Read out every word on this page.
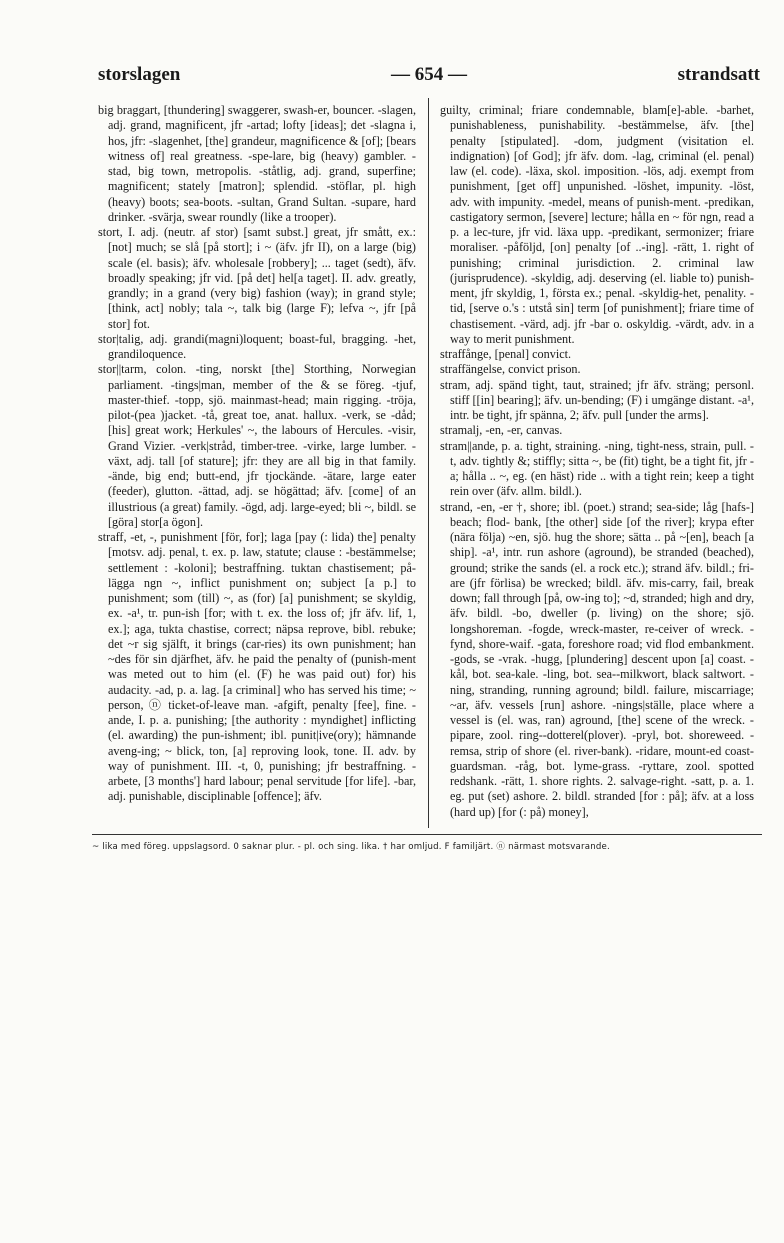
storslagen	— 654 —	strandsatt

big braggart, [thundering] swaggerer, swash-er, bouncer. -slagen, adj. grand, magnificent, jfr -artad; lofty [ideas]; det -slagna i, hos, jfr: -slagenhet, [the] grandeur, magnificence & [of]; [bears witness of] real greatness. -spe-lare, big (heavy) gambler. -stad, big town, metropolis. -ståtlig, adj. grand, superfine; magnificent; stately [matron]; splendid. -stöflar, pl. high (heavy) boots; sea-boots. -sultan, Grand Sultan. -supare, hard drinker. -svärja, swear roundly (like a trooper).

stort, I. adj. (neutr. af stor) [samt subst.] great, jfr smått, ex.: [not] much; se slå [på stort]; i ~ (äfv. jfr II), on a large (big) scale (el. basis); äfv. wholesale [robbery]; ... taget (sedt), äfv. broadly speaking; jfr vid. [på det] hel[a taget]. II. adv. greatly, grandly; in a grand (very big) fashion (way); in grand style; [think, act] nobly; tala ~, talk big (large F); lefva ~, jfr [på stor] fot.

stor|talig, adj. grandi(magni)loquent; boast-ful, bragging. -het, grandiloquence.

stor||tarm, colon. -ting, norskt [the] Storthing, Norwegian parliament. -tings|man, member of the & se föreg. -tjuf, master-thief. -topp, sjö. mainmast-head; main rigging. -tröja, pilot-(pea )jacket. -tå, great toe, anat. hallux. -verk, se -dåd; [his] great work; Herkules' ~, the labours of Hercules. -visir, Grand Vizier. -verk|stråd, timber-tree. -virke, large lumber. -växt, adj. tall [of stature]; jfr: they are all big in that family. -ände, big end; butt-end, jfr tjockände. -ätare, large eater (feeder), glutton. -ättad, adj. se högättad; äfv. [come] of an illustrious (a great) family. -ögd, adj. large-eyed; bli ~, bildl. se [göra] stor[a ögon].

straff, -et, -, punishment [för, for]; laga [pay (: lida) the] penalty [motsv. adj. penal, t. ex. p. law, statute; clause : -bestämmelse; settlement : -koloni]; bestraffning. tuktan chastisement; på-lägga ngn ~, inflict punishment on; subject [a p.] to punishment; som (till) ~, as (for) [a] punishment; se skyldig, ex. -a¹, tr. pun-ish [for; with t. ex. the loss of; jfr äfv. lif, 1, ex.]; aga, tukta chastise, correct; näpsa reprove, bibl. rebuke; det ~r sig själft, it brings (car-ries) its own punishment; han ~des för sin djärfhet, äfv. he paid the penalty of (punish-ment was meted out to him (el. (F) he was paid out) for) his audacity. -ad, p. a. lag. [a criminal] who has served his time; ~ person, ⓝ ticket-of-leave man. -afgift, penalty [fee], fine. -ande, I. p. a. punishing; [the authority : myndighet] inflicting (el. awarding) the pun-ishment; ibl. punit|ive(ory); hämnande aveng-ing; ~ blick, ton, [a] reproving look, tone. II. adv. by way of punishment. III. -t, 0, punishing; jfr bestraffning. -arbete, [3 months'] hard labour; penal servitude [for life]. -bar, adj. punishable, disciplinable [offence]; äfv.

guilty, criminal; friare condemnable, blam[e]-able. -barhet, punishableness, punishability. -bestämmelse, äfv. [the] penalty [stipulated]. -dom, judgment (visitation el. indignation) [of God]; jfr äfv. dom. -lag, criminal (el. penal) law (el. code). -läxa, skol. imposition. -lös, adj. exempt from punishment, [get off] unpunished. -löshet, impunity. -löst, adv. with impunity. -medel, means of punish-ment. -predikan, castigatory sermon, [severe] lecture; hålla en ~ för ngn, read a p. a lec-ture, jfr vid. läxa upp. -predikant, sermonizer; friare moraliser. -påföljd, [on] penalty [of ..-ing]. -rätt, 1. right of punishing; criminal jurisdiction. 2. criminal law (jurisprudence). -skyldig, adj. deserving (el. liable to) punish-ment, jfr skyldig, 1, första ex.; penal. -skyldig-het, penality. -tid, [serve o.'s : utstå sin] term [of punishment]; friare time of chastisement. -värd, adj. jfr -bar o. oskyldig. -värdt, adv. in a way to merit punishment.

straffånge, [penal] convict.

straffängelse, convict prison.

stram, adj. spänd tight, taut, strained; jfr äfv. sträng; personl. stiff [[in] bearing]; äfv. un-bending; (F) i umgänge distant. -a¹, intr. be tight, jfr spänna, 2; äfv. pull [under the arms].

stramalj, -en, -er, canvas.

stram||ande, p. a. tight, straining. -ning, tight-ness, strain, pull. -t, adv. tightly &; stiffly; sitta ~, be (fit) tight, be a tight fit, jfr -a; hålla .. ~, eg. (en häst) ride .. with a tight rein; keep a tight rein over (äfv. allm. bildl.).

strand, -en, -er †, shore; ibl. (poet.) strand; sea-side; låg [hafs-] beach; flod- bank, [the other] side [of the river]; krypa efter (nära följa) ~en, sjö. hug the shore; sätta .. på ~[en], beach [a ship]. -a¹, intr. run ashore (aground), be stranded (beached), ground; strike the sands (el. a rock etc.); strand äfv. bildl.; fri-are (jfr förlisa) be wrecked; bildl. äfv. mis-carry, fail, break down; fall through [på, ow-ing to]; ~d, stranded; high and dry, äfv. bildl. -bo, dweller (p. living) on the shore; sjö. longshoreman. -fogde, wreck-master, re-ceiver of wreck. -fynd, shore-waif. -gata, foreshore road; vid flod embankment. -gods, se -vrak. -hugg, [plundering] descent upon [a] coast. -kål, bot. sea-kale. -ling, bot. sea--milkwort, black saltwort. -ning, stranding, running aground; bildl. failure, miscarriage; ~ar, äfv. vessels [run] ashore. -nings|ställe, place where a vessel is (el. was, ran) aground, [the] scene of the wreck. -pipare, zool. ring--dotterel(plover). -pryl, bot. shoreweed. -remsa, strip of shore (el. river-bank). -ridare, mount-ed coast-guardsman. -råg, bot. lyme-grass. -ryttare, zool. spotted redshank. -rätt, 1. shore rights. 2. salvage-right. -satt, p. a. 1. eg. put (set) ashore. 2. bildl. stranded [for : på]; äfv. at a loss (hard up) [for (: på) money],

~ lika med föreg. uppslagsord. 0 saknar plur. - pl. och sing. lika. † har omljud. F familjärt. ⓝ närmast motsvarande.
